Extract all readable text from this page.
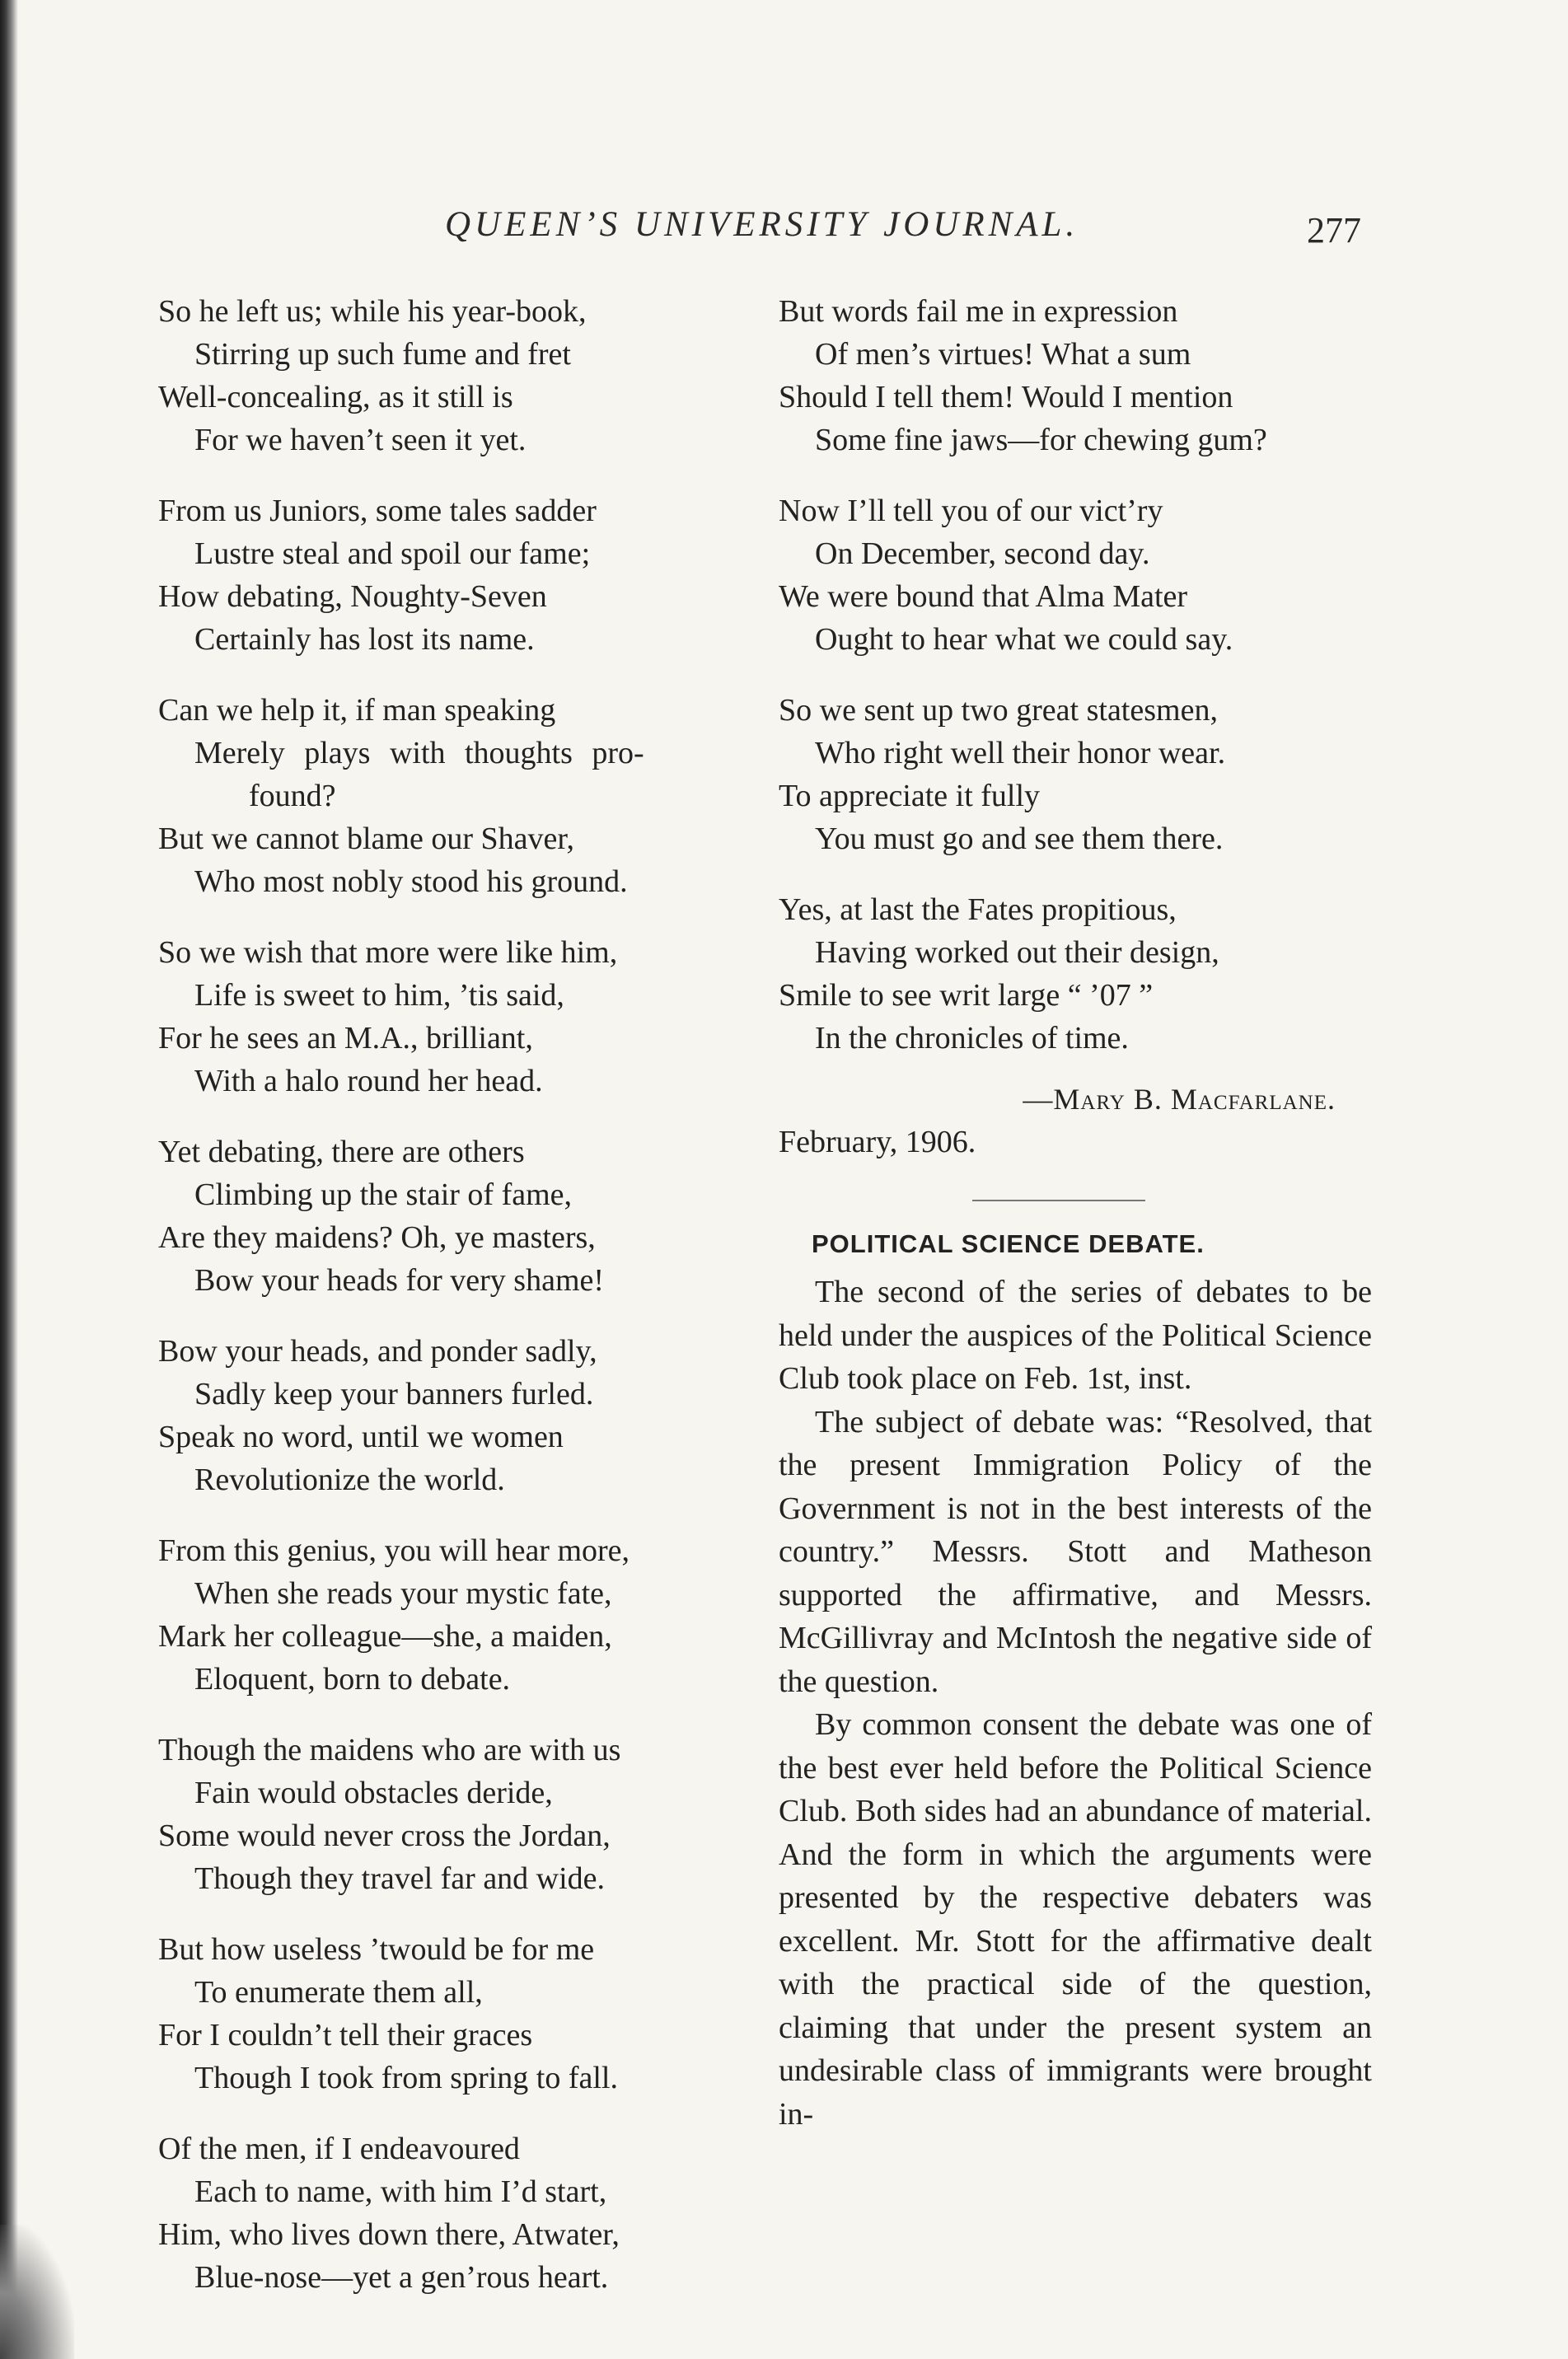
QUEEN’S UNIVERSITY JOURNAL.	277
So he left us; while his year-book,
Stirring up such fume and fret
Well-concealing, as it still is
For we haven’t seen it yet.
From us Juniors, some tales sadder
Lustre steal and spoil our fame;
How debating, Noughty-Seven
Certainly has lost its name.
Can we help it, if man speaking
Merely plays with thoughts pro-
found?
But we cannot blame our Shaver,
Who most nobly stood his ground.
So we wish that more were like him,
Life is sweet to him, ’tis said,
For he sees an M.A., brilliant,
With a halo round her head.
Yet debating, there are others
Climbing up the stair of fame,
Are they maidens? Oh, ye masters,
Bow your heads for very shame!
Bow your heads, and ponder sadly,
Sadly keep your banners furled.
Speak no word, until we women
Revolutionize the world.
From this genius, you will hear more,
When she reads your mystic fate,
Mark her colleague—she, a maiden,
Eloquent, born to debate.
Though the maidens who are with us
Fain would obstacles deride,
Some would never cross the Jordan,
Though they travel far and wide.
But how useless ’twould be for me
To enumerate them all,
For I couldn’t tell their graces
Though I took from spring to fall.
Of the men, if I endeavoured
Each to name, with him I’d start,
Him, who lives down there, Atwater,
Blue-nose—yet a gen’rous heart.
But words fail me in expression
Of men’s virtues! What a sum
Should I tell them! Would I mention
Some fine jaws—for chewing gum?
Now I’ll tell you of our vict’ry
On December, second day.
We were bound that Alma Mater
Ought to hear what we could say.
So we sent up two great statesmen,
Who right well their honor wear.
To appreciate it fully
You must go and see them there.
Yes, at last the Fates propitious,
Having worked out their design,
Smile to see writ large “ ’07 ”
In the chronicles of time.
—Mary B. Macfarlane.
February, 1906.
POLITICAL SCIENCE DEBATE.

The second of the series of debates to be held under the auspices of the Political Science Club took place on Feb. 1st, inst.

The subject of debate was: “Resolved, that the present Immigration Policy of the Government is not in the best interests of the country.” Messrs. Stott and Matheson supported the affirmative, and Messrs. McGillivray and McIntosh the negative side of the question.

By common consent the debate was one of the best ever held before the Political Science Club. Both sides had an abundance of material. And the form in which the arguments were presented by the respective debaters was excellent. Mr. Stott for the affirmative dealt with the practical side of the question, claiming that under the present system an undesirable class of immigrants were brought in-
